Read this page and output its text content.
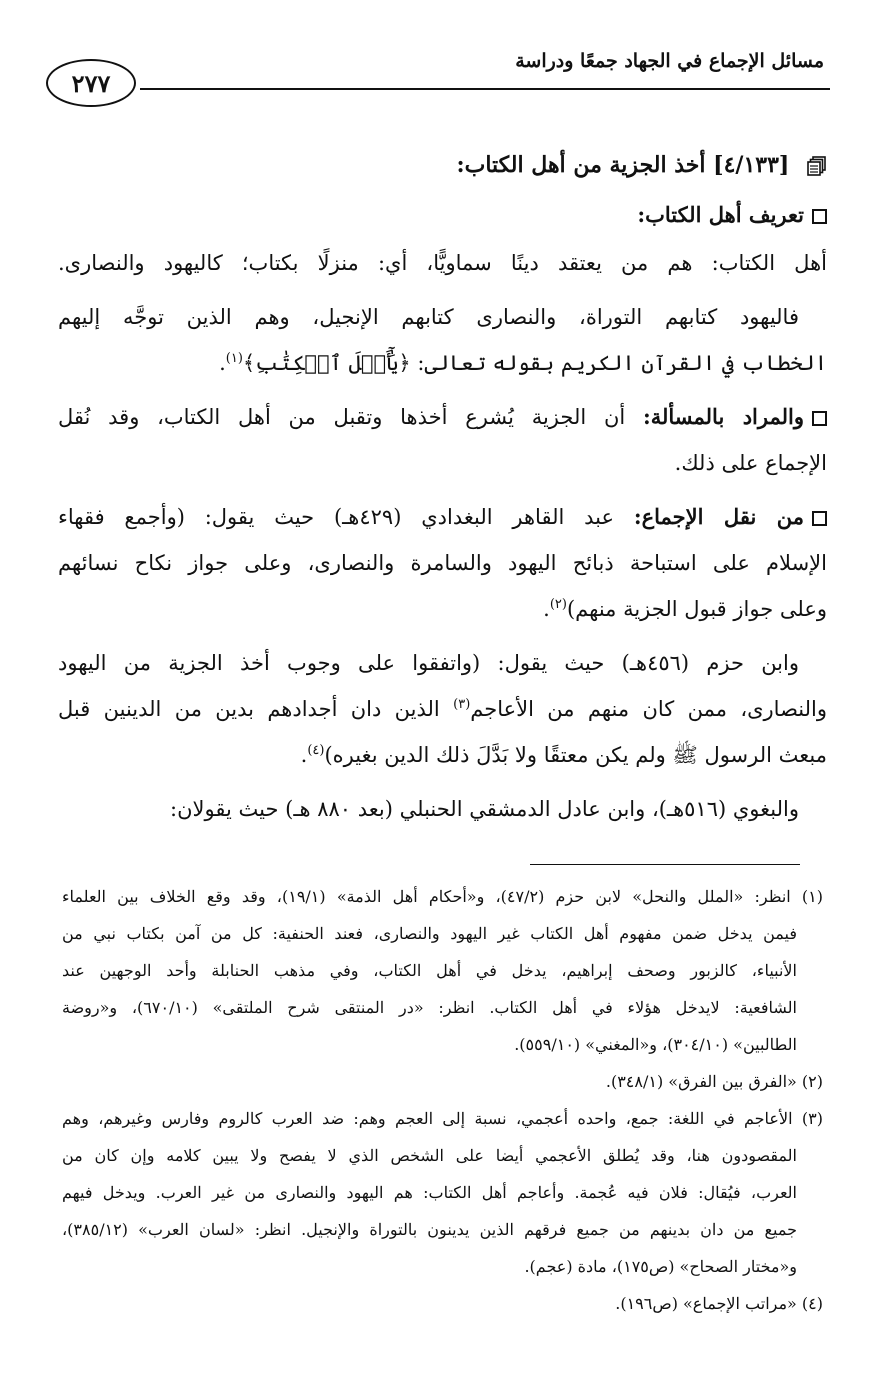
مسائل الإجماع في الجهاد جمعًا ودراسة
٢٧٧
[٤/١٣٣] أخذ الجزية من أهل الكتاب:
تعريف أهل الكتاب:
أهل الكتاب: هم من يعتقد دينًا سماويًّا، أي: منزلًا بكتاب؛ كاليهود والنصارى.
فاليهود كتابهم التوراة، والنصارى كتابهم الإنجيل، وهم الذين توجَّه إليهم
الخطاب في القرآن الكريم بقوله تعالى: ﴿يَٰٓأَهۡلَ ٱلۡكِتَٰبِ﴾$^{(١)}$.
والمراد بالمسألة: أن الجزية يُشرع أخذها وتقبل من أهل الكتاب، وقد نُقل
الإجماع على ذلك.
من نقل الإجماع: عبد القاهر البغدادي (٤٢٩هـ) حيث يقول: (وأجمع فقهاء
الإسلام على استباحة ذبائح اليهود والسامرة والنصارى، وعلى جواز نكاح نسائهم
وعلى جواز قبول الجزية منهم)$^{(٢)}$.
وابن حزم (٤٥٦هـ) حيث يقول: (واتفقوا على وجوب أخذ الجزية من اليهود
والنصارى، ممن كان منهم من الأعاجم$^{(٣)}$ الذين دان أجدادهم بدين من الدينين قبل
مبعث الرسول ﷺ ولم يكن معتقًا ولا بَدَّلَ ذلك الدين بغيره)$^{(٤)}$.
والبغوي (٥١٦هـ)، وابن عادل الدمشقي الحنبلي (بعد ٨٨٠ هـ) حيث يقولان:
(١) انظر: «الملل والنحل» لابن حزم (٤٧/٢)، و«أحكام أهل الذمة» (١٩/١)، وقد وقع الخلاف بين العلماء
فيمن يدخل ضمن مفهوم أهل الكتاب غير اليهود والنصارى، فعند الحنفية: كل من آمن بكتاب نبي من
الأنبياء، كالزبور وصحف إبراهيم، يدخل في أهل الكتاب، وفي مذهب الحنابلة وأحد الوجهين عند
الشافعية: لايدخل هؤلاء في أهل الكتاب. انظر: «در المنتقى شرح الملتقى» (٦٧٠/١٠)، و«روضة
الطالبين» (٣٠٤/١٠)، و«المغني» (٥٥٩/١٠).
(٢) «الفرق بين الفرق» (٣٤٨/١).
(٣) الأعاجم في اللغة: جمع، واحده أعجمي، نسبة إلى العجم وهم: ضد العرب كالروم وفارس وغيرهم، وهم
المقصودون هنا، وقد يُطلق الأعجمي أيضا على الشخص الذي لا يفصح ولا يبين كلامه وإن كان من
العرب، فيُقال: فلان فيه عُجمة. وأعاجم أهل الكتاب: هم اليهود والنصارى من غير العرب. ويدخل فيهم
جميع من دان بدينهم من جميع فرقهم الذين يدينون بالتوراة والإنجيل. انظر: «لسان العرب» (٣٨٥/١٢)،
و«مختار الصحاح» (ص١٧٥)، مادة (عجم).
(٤) «مراتب الإجماع» (ص١٩٦).
